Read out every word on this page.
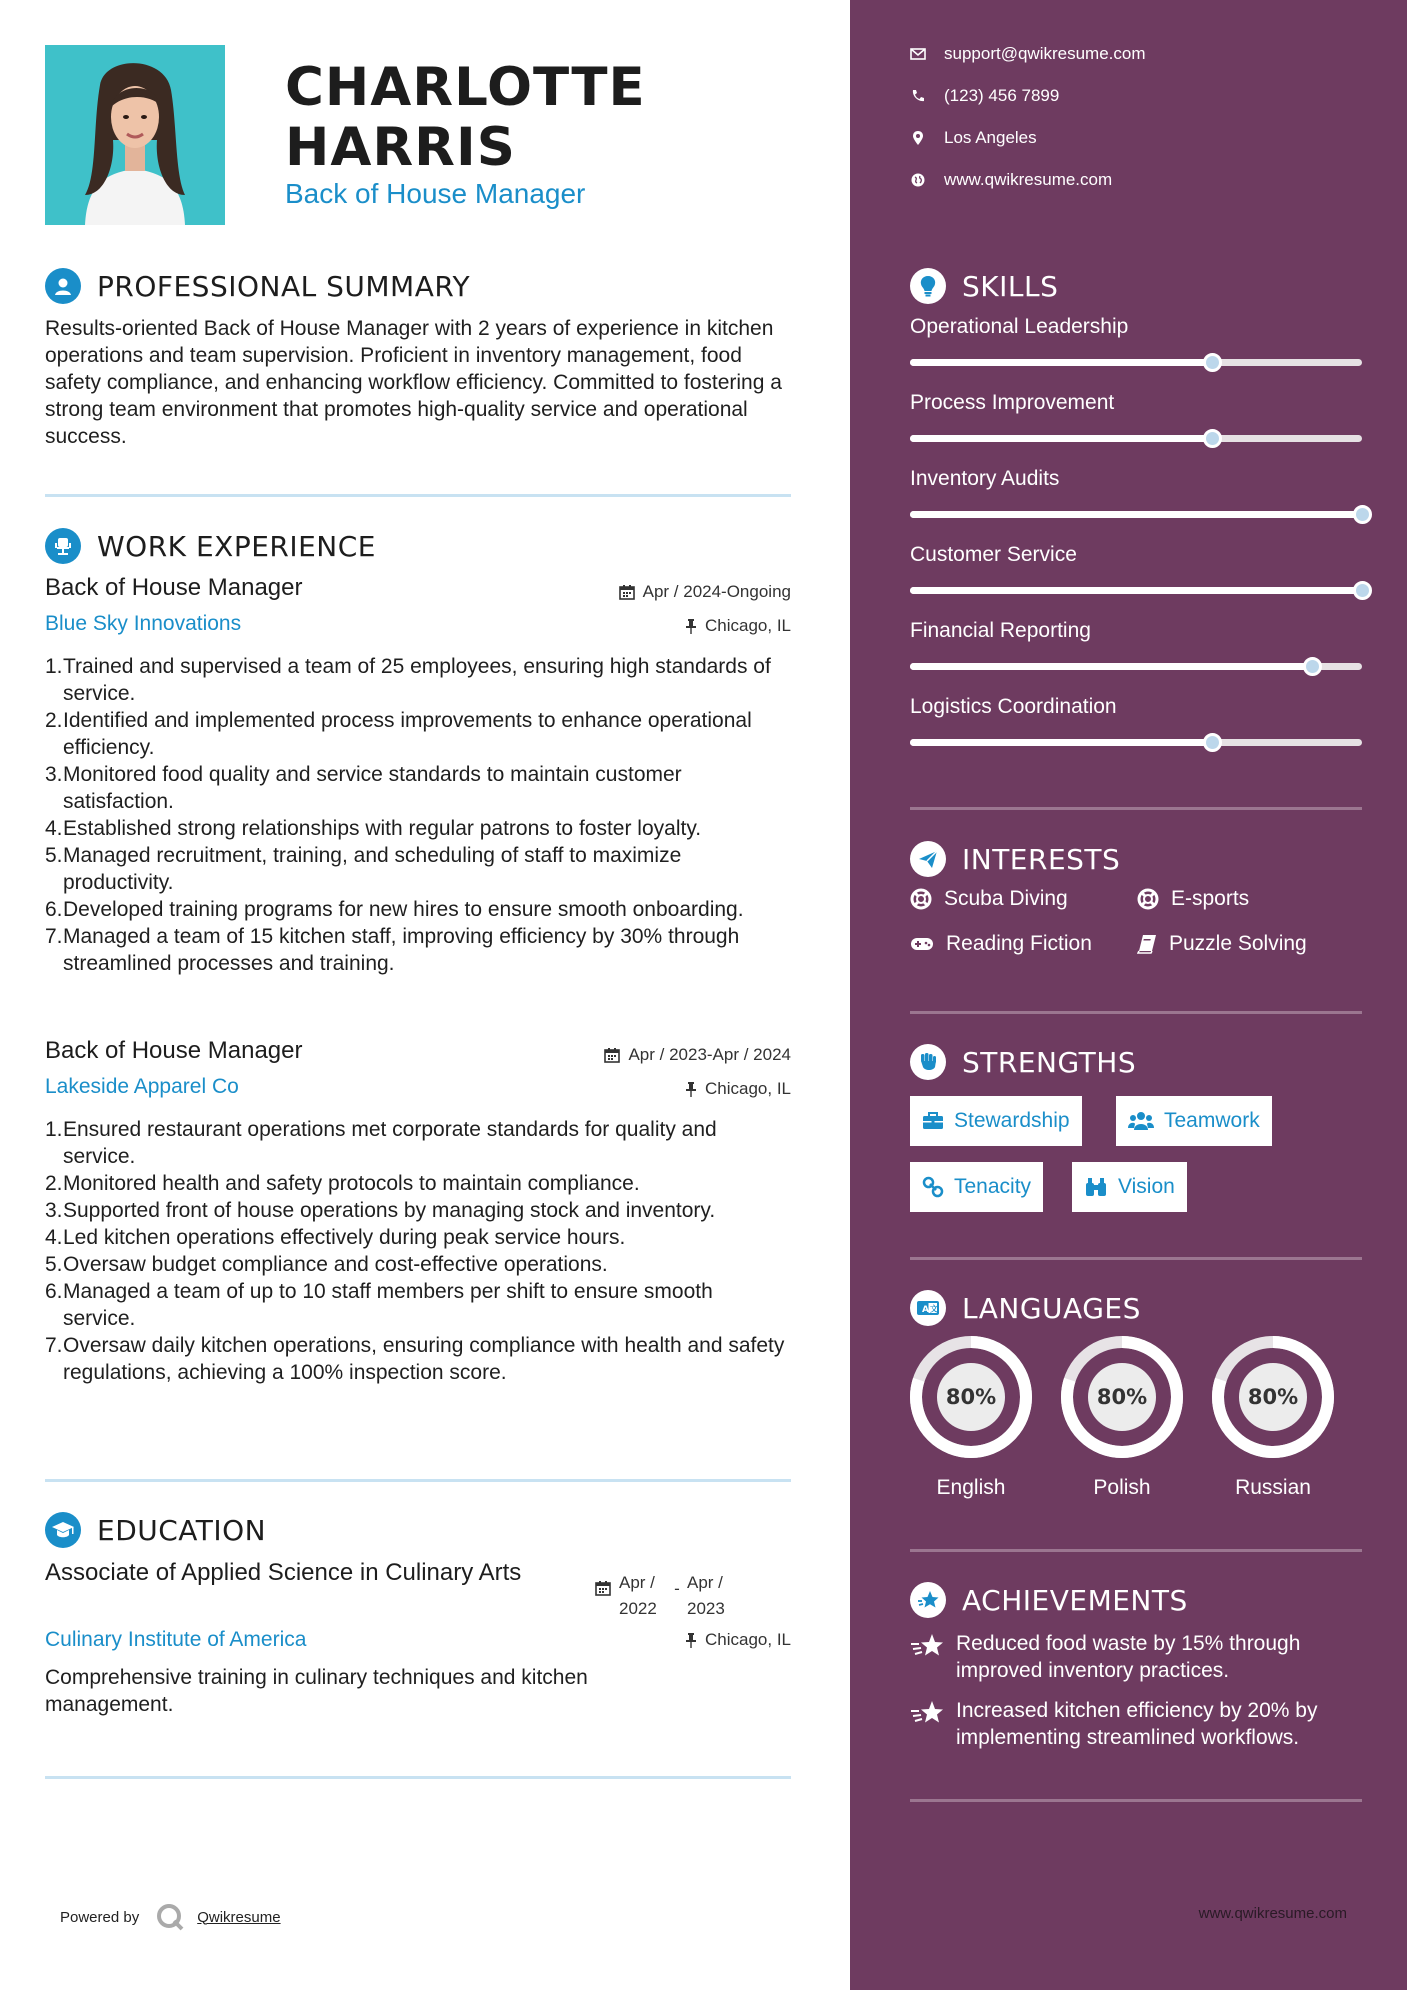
CHARLOTTE
HARRIS
Back of House Manager
PROFESSIONAL SUMMARY
Results-oriented Back of House Manager with 2 years of experience in kitchen operations and team supervision. Proficient in inventory management, food safety compliance, and enhancing workflow efficiency. Committed to fostering a strong team environment that promotes high-quality service and operational success.
WORK EXPERIENCE
Back of House Manager	Apr / 2024-Ongoing
Blue Sky Innovations	Chicago, IL
1. Trained and supervised a team of 25 employees, ensuring high standards of service.
2. Identified and implemented process improvements to enhance operational efficiency.
3. Monitored food quality and service standards to maintain customer satisfaction.
4. Established strong relationships with regular patrons to foster loyalty.
5. Managed recruitment, training, and scheduling of staff to maximize productivity.
6. Developed training programs for new hires to ensure smooth onboarding.
7. Managed a team of 15 kitchen staff, improving efficiency by 30% through streamlined processes and training.
Back of House Manager	Apr / 2023-Apr / 2024
Lakeside Apparel Co	Chicago, IL
1. Ensured restaurant operations met corporate standards for quality and service.
2. Monitored health and safety protocols to maintain compliance.
3. Supported front of house operations by managing stock and inventory.
4. Led kitchen operations effectively during peak service hours.
5. Oversaw budget compliance and cost-effective operations.
6. Managed a team of up to 10 staff members per shift to ensure smooth service.
7. Oversaw daily kitchen operations, ensuring compliance with health and safety regulations, achieving a 100% inspection score.
EDUCATION
Associate of Applied Science in Culinary Arts	Apr / 2022
- Apr / 2023
Culinary Institute of America	Chicago, IL
Comprehensive training in culinary techniques and kitchen management.
Powered by	Qwikresume
support@qwikresume.com
(123) 456 7899
Los Angeles
www.qwikresume.com
SKILLS
Operational Leadership
Process Improvement
Inventory Audits
Customer Service
Financial Reporting
Logistics Coordination
INTERESTS
Scuba Diving	E-sports
Reading Fiction	Puzzle Solving
STRENGTHS
Stewardship	Teamwork
Tenacity	Vision
A 文 LANGUAGES
80%
English
80%
Polish
80%
Russian
ACHIEVEMENTS
Reduced food waste by 15% through improved inventory practices.
Increased kitchen efficiency by 20% by implementing streamlined workflows.
www.qwikresume.com
